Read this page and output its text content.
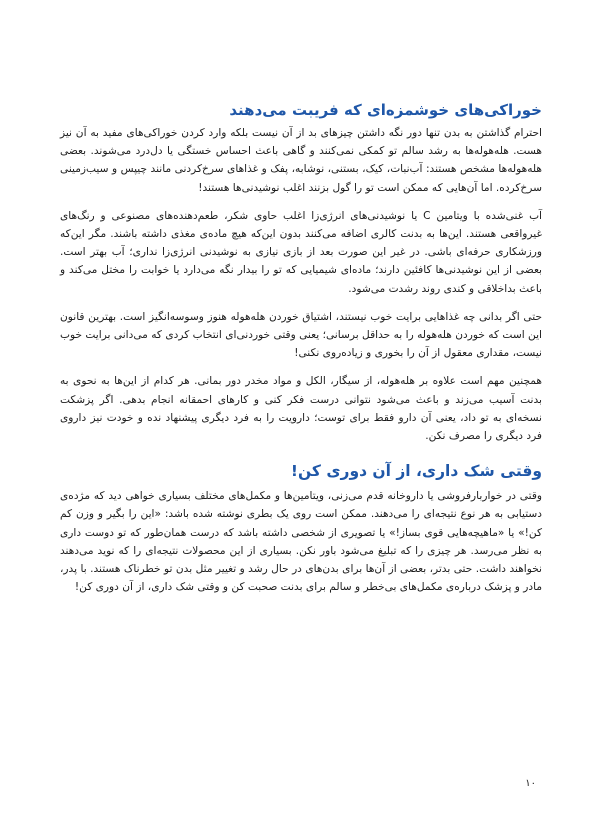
خوراکی‌های خوشمزه‌ای که فریبت می‌دهند

احترام گذاشتن به بدن تنها دور نگه داشتن چیزهای بد از آن نیست بلکه وارد کردن خوراکی‌های مفید به آن نیز هست. هله‌هوله‌ها به رشد سالم تو کمکی نمی‌کنند و گاهی باعث احساس خستگی یا دل‌درد می‌شوند. بعضی هله‌هوله‌ها مشخص هستند: آب‌نبات، کیک، بستنی، نوشابه، پفک و غذاهای سرخ‌کردنی مانند چیپس و سیب‌زمینی سرخ‌کرده. اما آن‌هایی که ممکن است تو را گول بزنند اغلب نوشیدنی‌ها هستند!

آب غنی‌شده با ویتامین C یا نوشیدنی‌های انرژی‌زا اغلب حاوی شکر، طعم‌دهنده‌های مصنوعی و رنگ‌های غیرواقعی هستند. این‌ها به بدنت کالری اضافه می‌کنند بدون این‌که هیچ ماده‌ی مغذی داشته باشند. مگر این‌که ورزشکاری حرفه‌ای باشی. در غیر این صورت بعد از بازی نیازی به نوشیدنی انرژی‌زا نداری؛ آب بهتر است. بعضی از این نوشیدنی‌ها کافئین دارند؛ ماده‌ای شیمیایی که تو را بیدار نگه می‌دارد یا خوابت را مختل می‌کند و باعث بداخلاقی و کندی روند رشدت می‌شود.

حتی اگر بدانی چه غذاهایی برایت خوب نیستند، اشتیاق خوردن هله‌هوله هنوز وسوسه‌انگیز است. بهترین قانون این است که خوردن هله‌هوله را به حداقل برسانی؛ یعنی وقتی خوردنی‌ای انتخاب کردی که می‌دانی برایت خوب نیست، مقداری معقول از آن را بخوری و زیاده‌روی نکنی!

همچنین مهم است علاوه بر هله‌هوله، از سیگار، الکل و مواد مخدر دور بمانی. هر کدام از این‌ها به نحوی به بدنت آسیب می‌زند و باعث می‌شود نتوانی درست فکر کنی و کارهای احمقانه انجام بدهی. اگر پزشکت نسخه‌ای به تو داد، یعنی آن دارو فقط برای توست؛ دارویت را به فرد دیگری پیشنهاد نده و خودت نیز داروی فرد دیگری را مصرف نکن.

وقتی شک داری، از آن دوری کن!

وقتی در خواربارفروشی یا داروخانه قدم می‌زنی، ویتامین‌ها و مکمل‌های مختلف بسیاری خواهی دید که مژده‌ی دستیابی به هر نوع نتیجه‌ای را می‌دهند. ممکن است روی یک بطری نوشته شده باشد: «این را بگیر و وزن کم کن!» یا «ماهیچه‌هایی قوی بساز!» یا تصویری از شخصی داشته باشد که درست همان‌طور که تو دوست داری به نظر می‌رسد. هر چیزی را که تبلیغ می‌شود باور نکن. بسیاری از این محصولات نتیجه‌ای را که نوید می‌دهند نخواهند داشت. حتی بدتر، بعضی از آن‌ها برای بدن‌های در حال رشد و تغییر مثل بدن تو خطرناک هستند. با پدر، مادر و پزشک درباره‌ی مکمل‌های بی‌خطر و سالم برای بدنت صحبت کن و وقتی شک داری، از آن دوری کن!

۱۰
